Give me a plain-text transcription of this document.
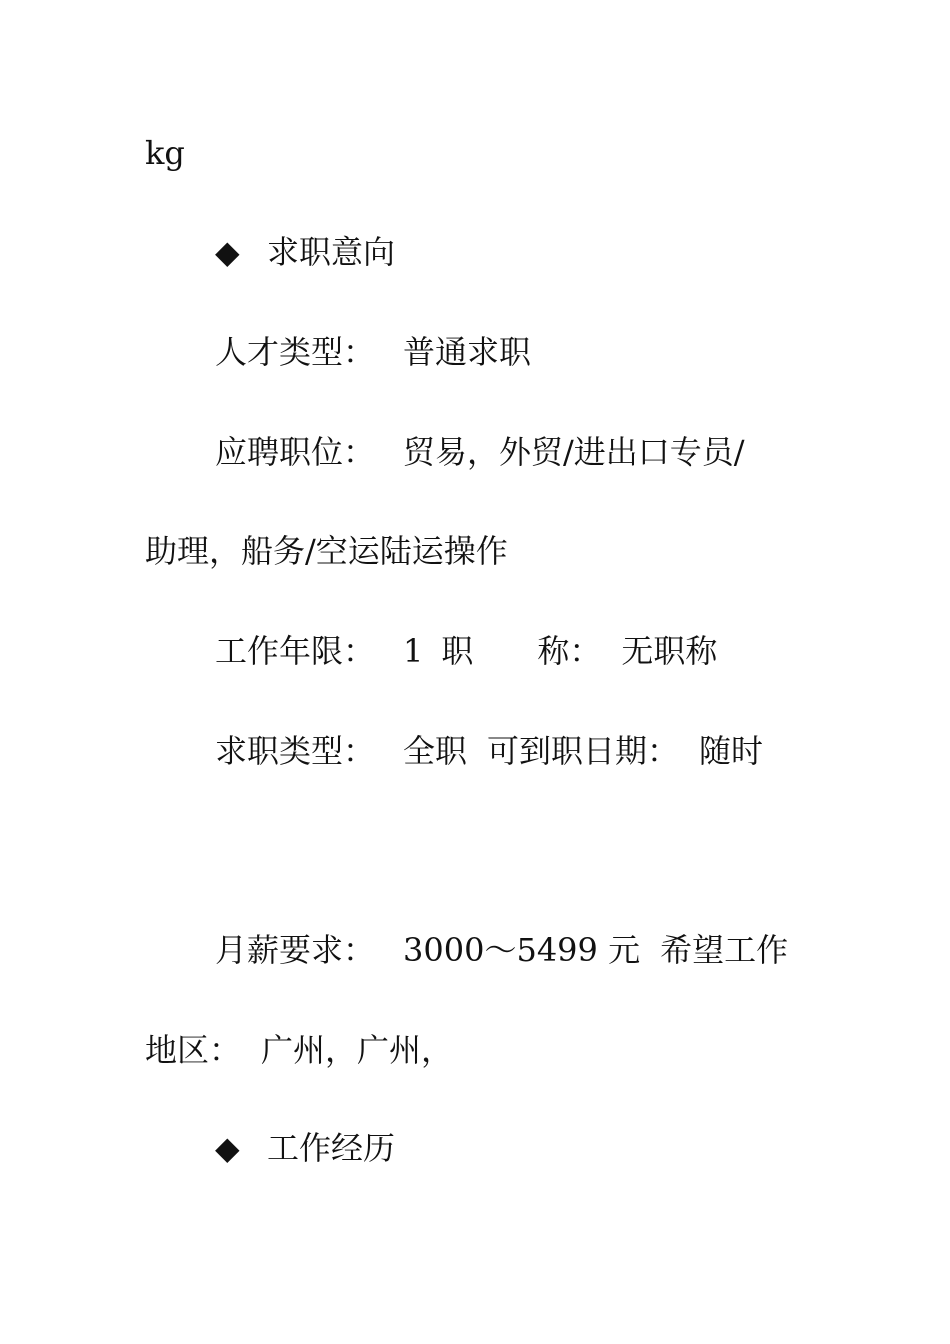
kg
◆ 求职意向
人才类型： 普通求职
应聘职位： 贸易，外贸/进出口专员/
助理，船务/空运陆运操作
工作年限： 1 职　　称： 无职称
求职类型： 全职 可到职日期： 随时
月薪要求： 3000～5499 元 希望工作
地区： 广州，广州，
◆ 工作经历
